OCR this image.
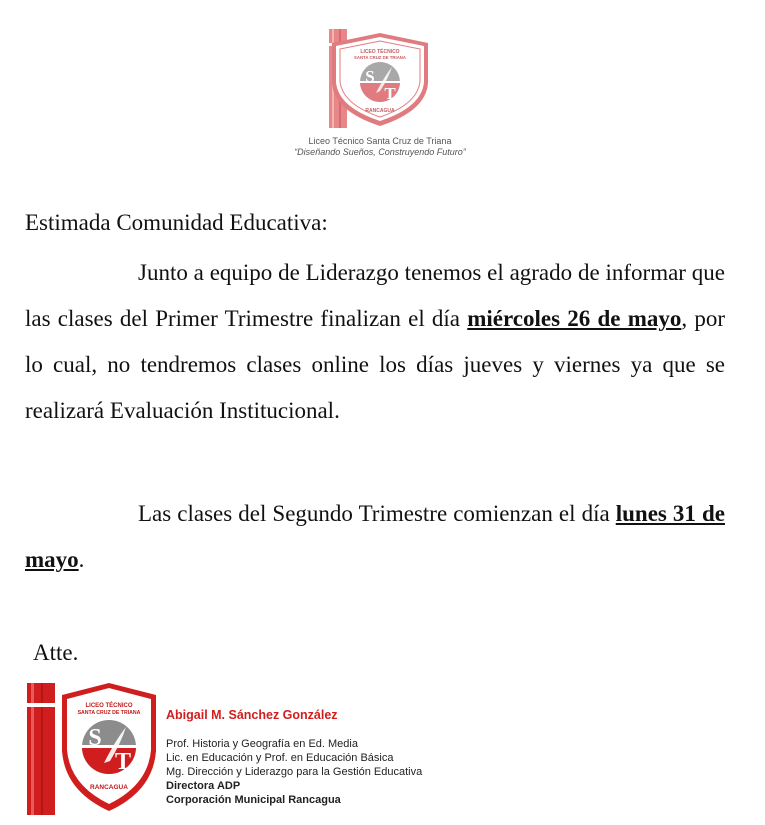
LICEO TÉCNICO
SANTA CRUZ DE TRIANA
S
T
RANCAGUA
Liceo Técnico Santa Cruz de Triana
“Diseñando Sueños, Construyendo Futuro”
Estimada Comunidad Educativa:
Junto a equipo de Liderazgo tenemos el agrado de informar que las clases del Primer Trimestre finalizan el día miércoles 26 de mayo, por lo cual, no tendremos clases online los días jueves y viernes ya que se realizará Evaluación Institucional.
Las clases del Segundo Trimestre comienzan el día lunes 31 de mayo.
Atte.
LICEO TÉCNICO
SANTA CRUZ DE TRIANA
S
T
RANCAGUA
Abigail M. Sánchez González
Prof. Historia y Geografía en Ed. Media
Lic. en Educación y Prof. en Educación Básica
Mg. Dirección y Liderazgo para la Gestión Educativa
Directora ADP
Corporación Municipal Rancagua
